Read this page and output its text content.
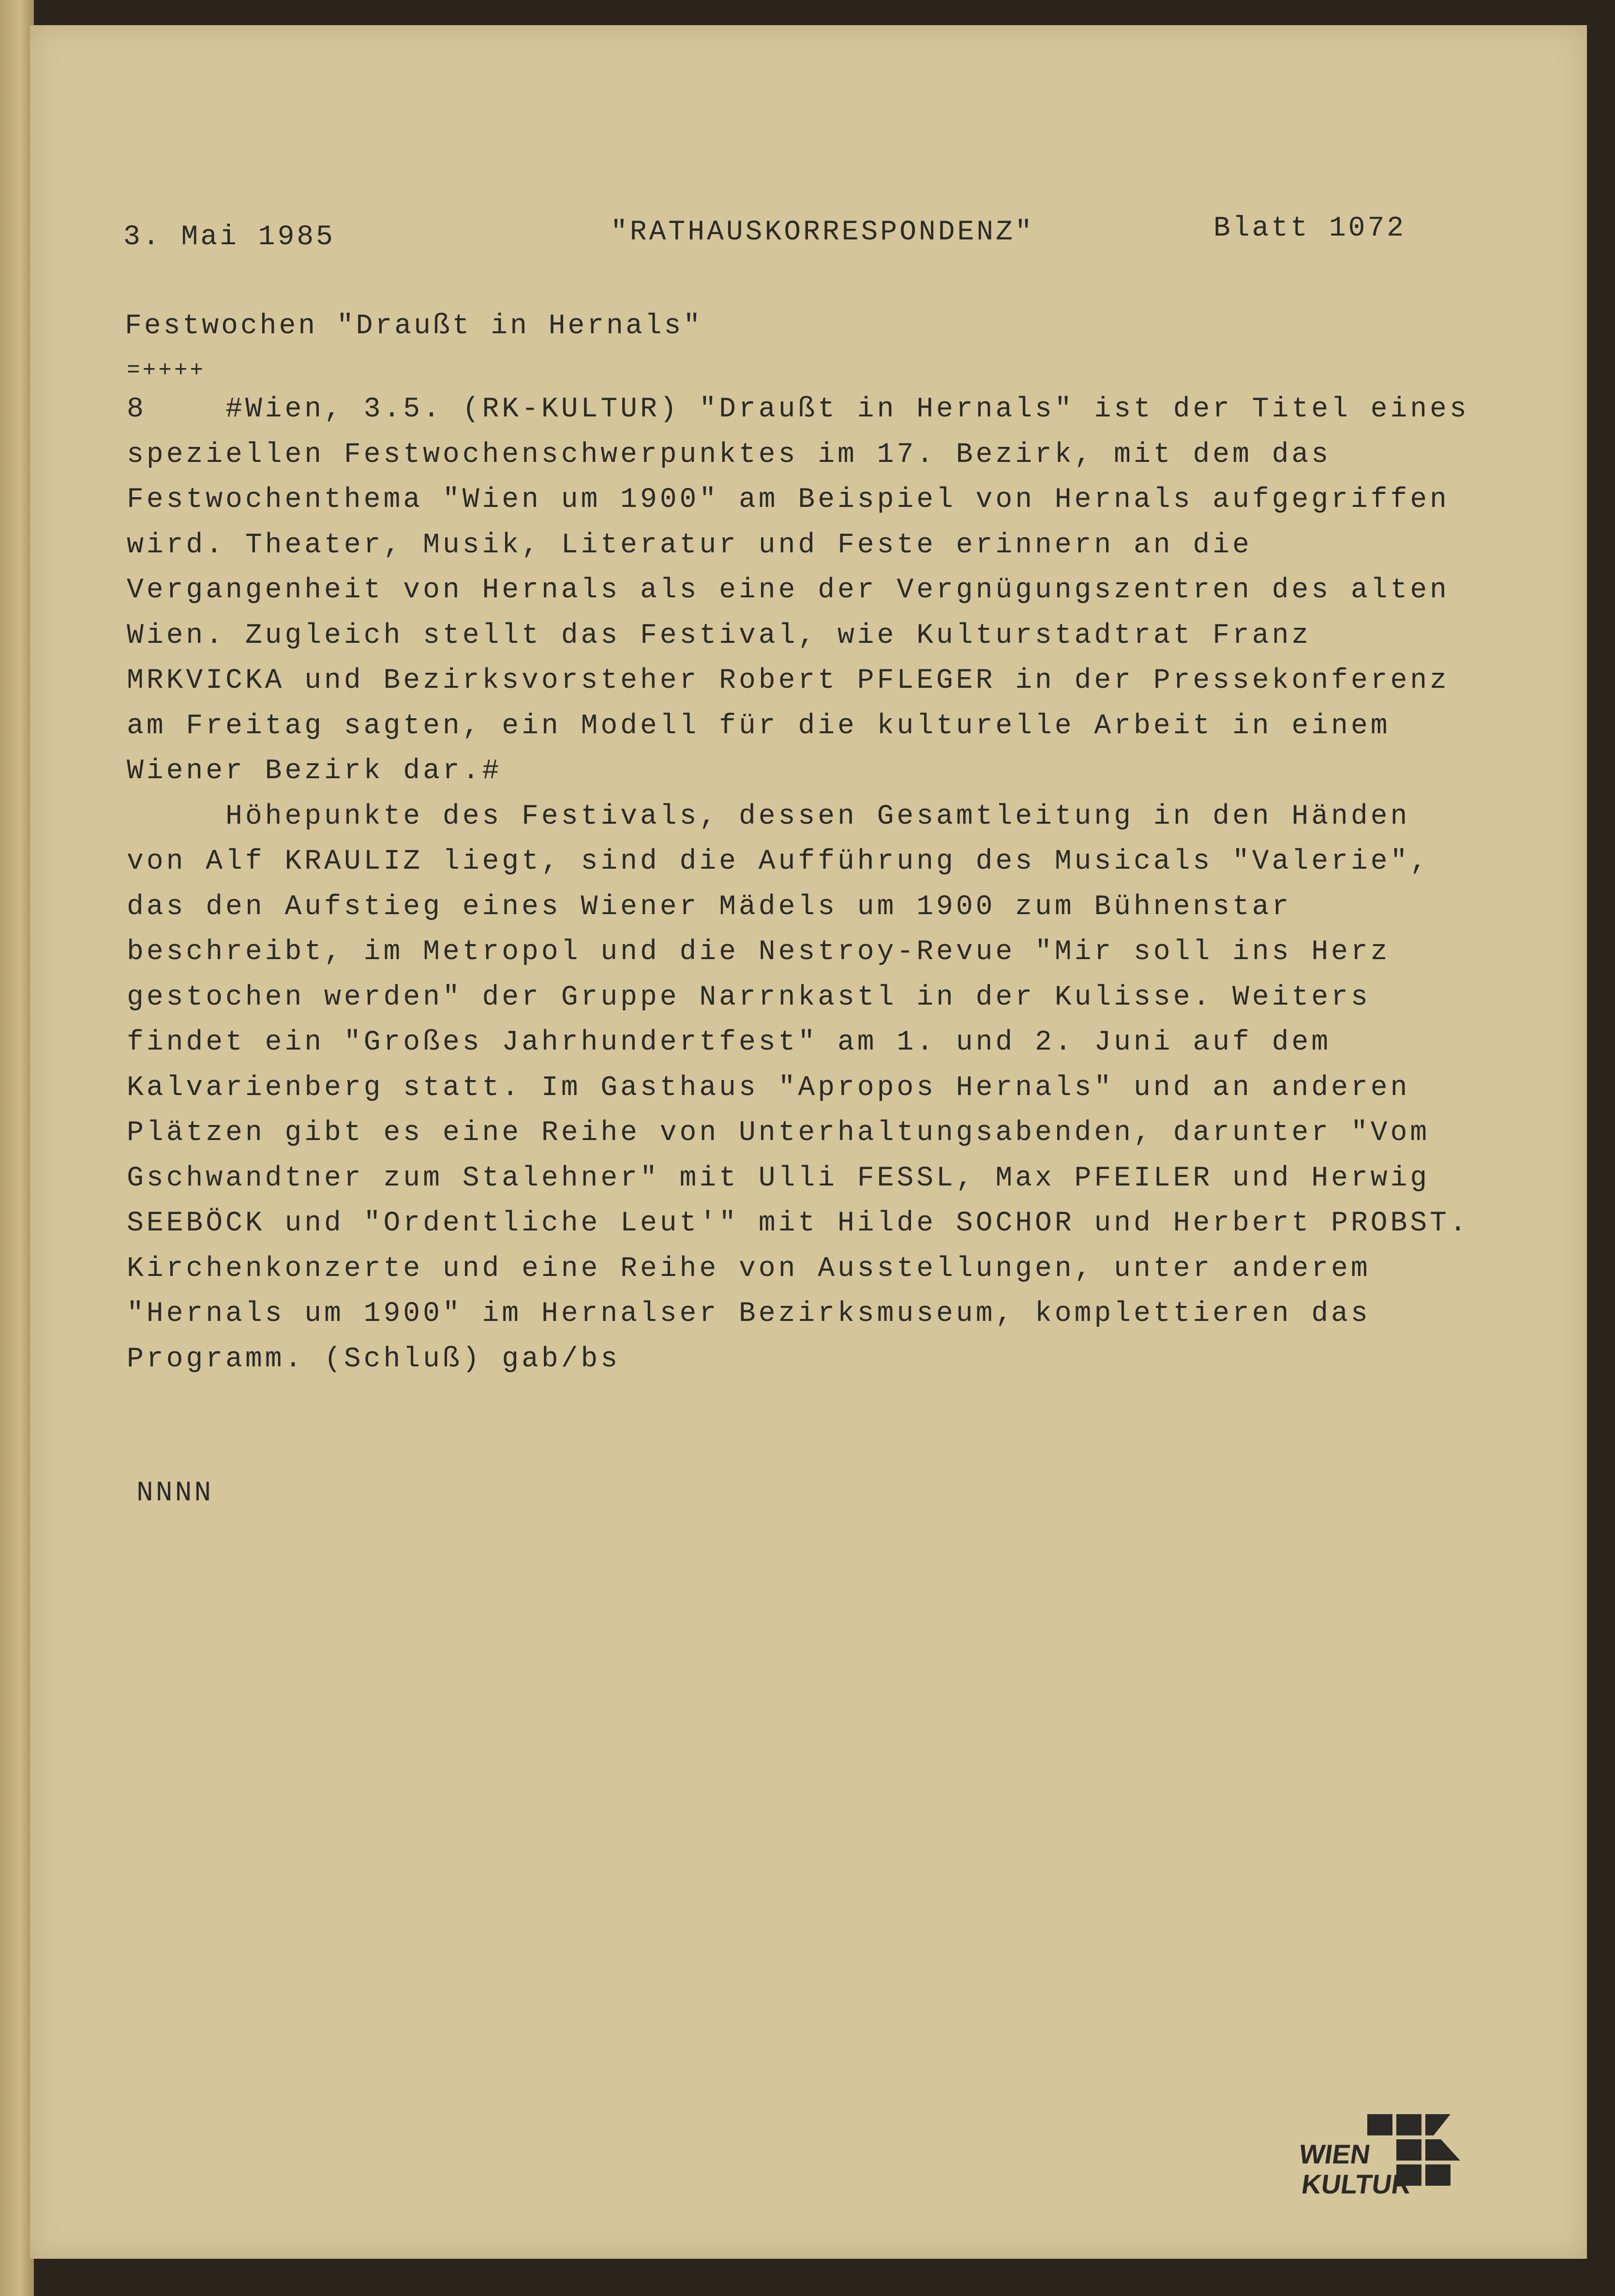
3. Mai 1985	"RATHAUSKORRESPONDENZ"	Blatt 1072
Festwochen "Draußt in Hernals"
=++++
8    #Wien, 3.5. (RK-KULTUR) "Draußt in Hernals" ist der Titel eines
speziellen Festwochenschwerpunktes im 17. Bezirk, mit dem das
Festwochenthema "Wien um 1900" am Beispiel von Hernals aufgegriffen
wird. Theater, Musik, Literatur und Feste erinnern an die
Vergangenheit von Hernals als eine der Vergnügungszentren des alten
Wien. Zugleich stellt das Festival, wie Kulturstadtrat Franz
MRKVICKA und Bezirksvorsteher Robert PFLEGER in der Pressekonferenz
am Freitag sagten, ein Modell für die kulturelle Arbeit in einem
Wiener Bezirk dar.#
Höhepunkte des Festivals, dessen Gesamtleitung in den Händen
von Alf KRAULIZ liegt, sind die Aufführung des Musicals "Valerie",
das den Aufstieg eines Wiener Mädels um 1900 zum Bühnenstar
beschreibt, im Metropol und die Nestroy-Revue "Mir soll ins Herz
gestochen werden" der Gruppe Narrnkastl in der Kulisse. Weiters
findet ein "Großes Jahrhundertfest" am 1. und 2. Juni auf dem
Kalvarienberg statt. Im Gasthaus "Apropos Hernals" und an anderen
Plätzen gibt es eine Reihe von Unterhaltungsabenden, darunter "Vom
Gschwandtner zum Stalehner" mit Ulli FESSL, Max PFEILER und Herwig
SEEBÖCK und "Ordentliche Leut'" mit Hilde SOCHOR und Herbert PROBST.
Kirchenkonzerte und eine Reihe von Ausstellungen, unter anderem
"Hernals um 1900" im Hernalser Bezirksmuseum, komplettieren das
Programm. (Schluß) gab/bs
NNNN
WIEN
KULTUR
